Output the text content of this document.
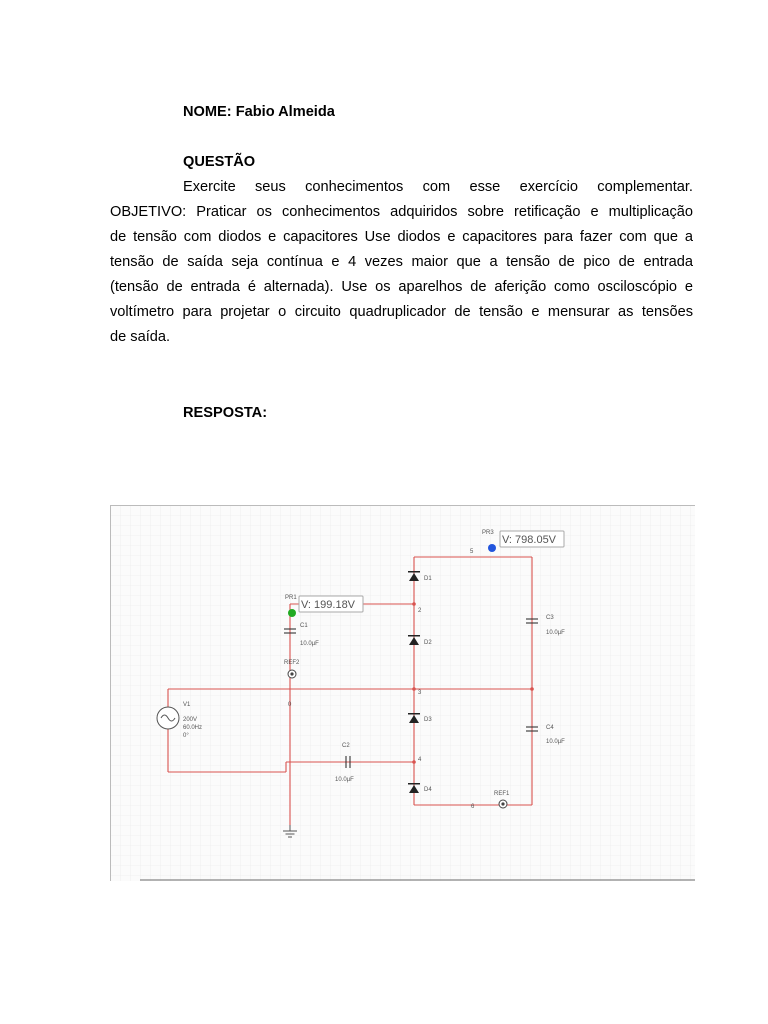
NOME: Fabio Almeida
QUESTÃO
Exercite seus conhecimentos com esse exercício complementar.
OBJETIVO: Praticar os conhecimentos adquiridos sobre retificação e multiplicação
de tensão com diodos e capacitores Use diodos e capacitores para fazer com que a
tensão de saída seja contínua e 4 vezes maior que a tensão de pico de entrada
(tensão de entrada é alternada). Use os aparelhos de aferição como osciloscópio e
voltímetro para projetar o circuito quadruplicador de tensão e mensurar as tensões
de saída.
RESPOSTA:
V: 199.18V
PR1
V: 798.05V
PR3
C1
10.0µF
C2
10.0µF
C3
10.0µF
C4
10.0µF
D1
D2
D3
D4
V1
200V
60.0Hz
0°
REF2
REF1
0
2
3
4
5
6
